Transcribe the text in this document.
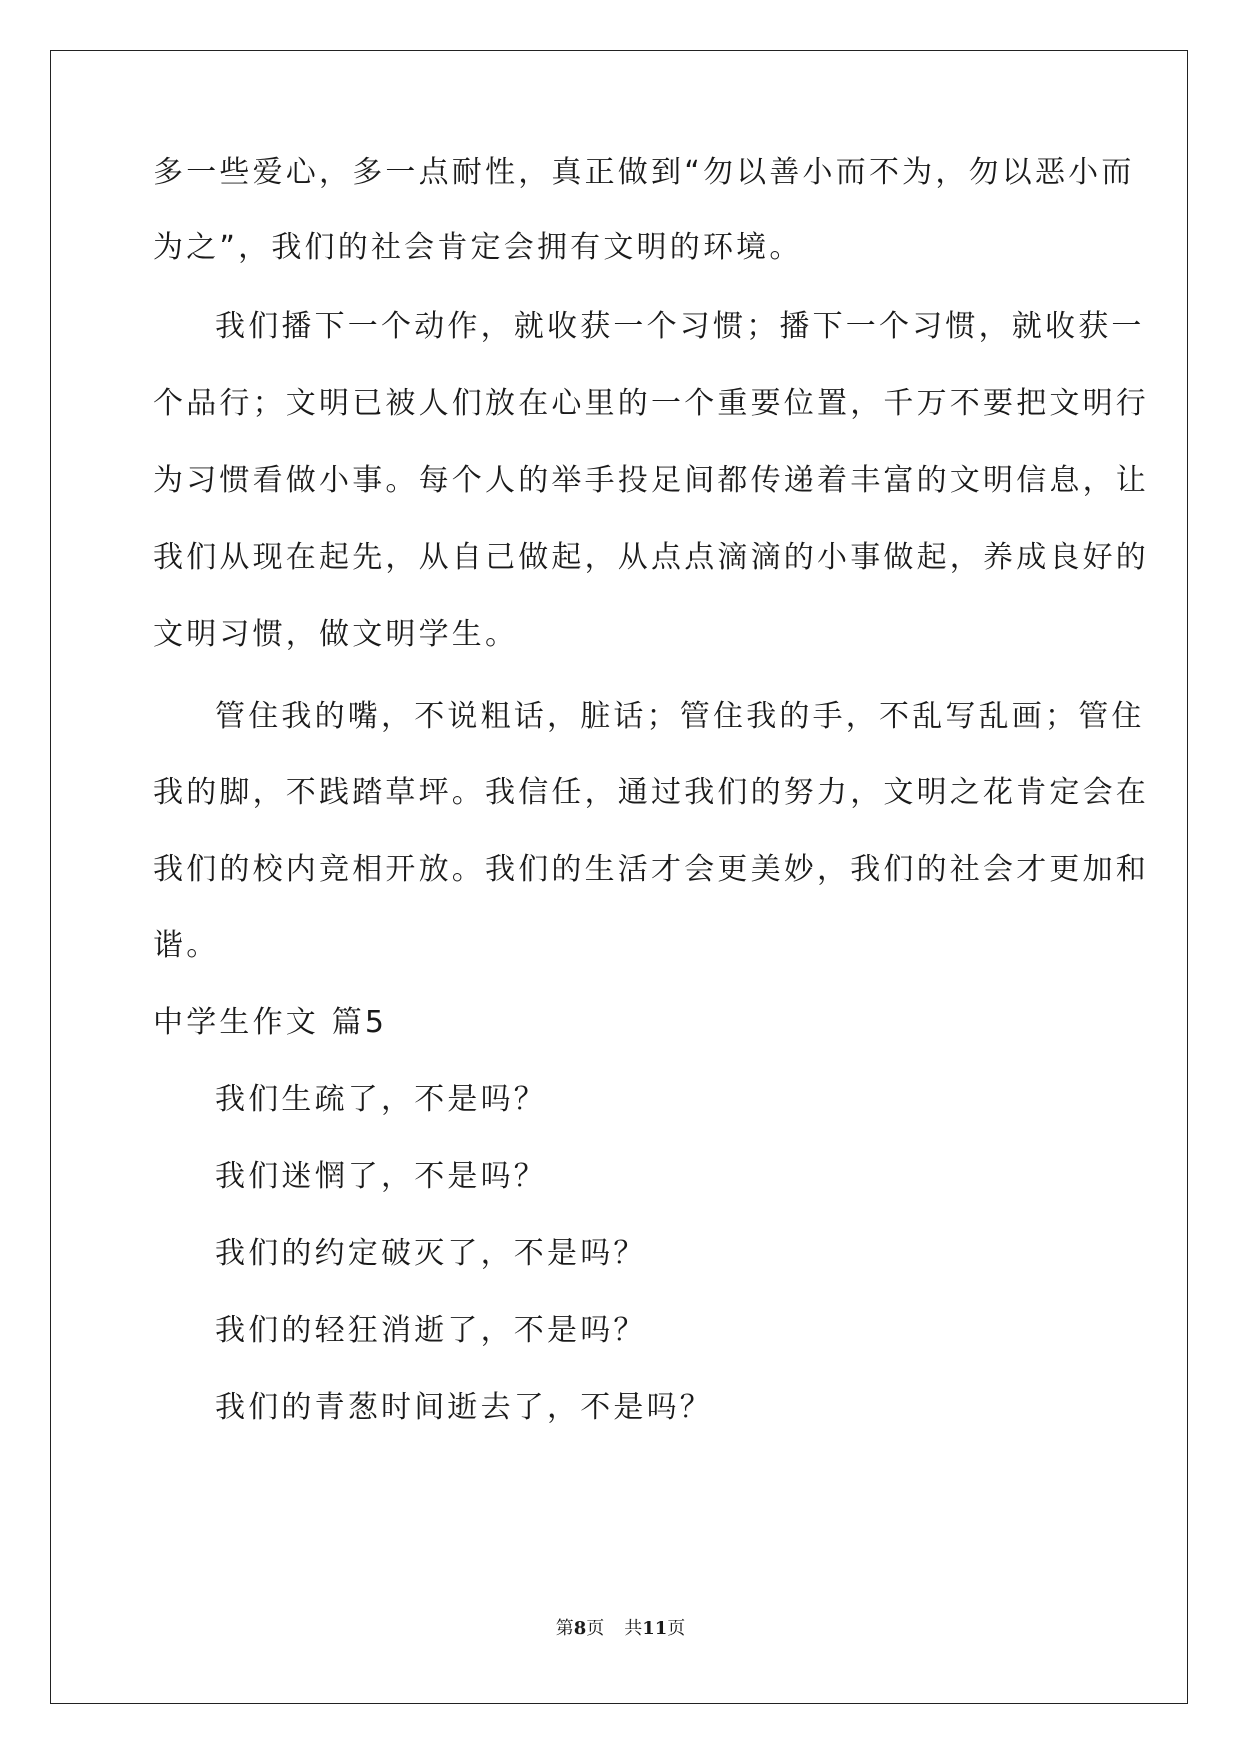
多一些爱心，多一点耐性，真正做到“勿以善小而不为，勿以恶小而
为之”，我们的社会肯定会拥有文明的环境。
我们播下一个动作，就收获一个习惯；播下一个习惯，就收获一
个品行；文明已被人们放在心里的一个重要位置，千万不要把文明行
为习惯看做小事。每个人的举手投足间都传递着丰富的文明信息，让
我们从现在起先，从自己做起，从点点滴滴的小事做起，养成良好的
文明习惯，做文明学生。
管住我的嘴，不说粗话，脏话；管住我的手，不乱写乱画；管住
我的脚，不践踏草坪。我信任，通过我们的努力，文明之花肯定会在
我们的校内竞相开放。我们的生活才会更美妙，我们的社会才更加和
谐。
中学生作文 篇5
我们生疏了，不是吗？
我们迷惘了，不是吗？
我们的约定破灭了，不是吗？
我们的轻狂消逝了，不是吗？
我们的青葱时间逝去了，不是吗？
第8页 共11页
